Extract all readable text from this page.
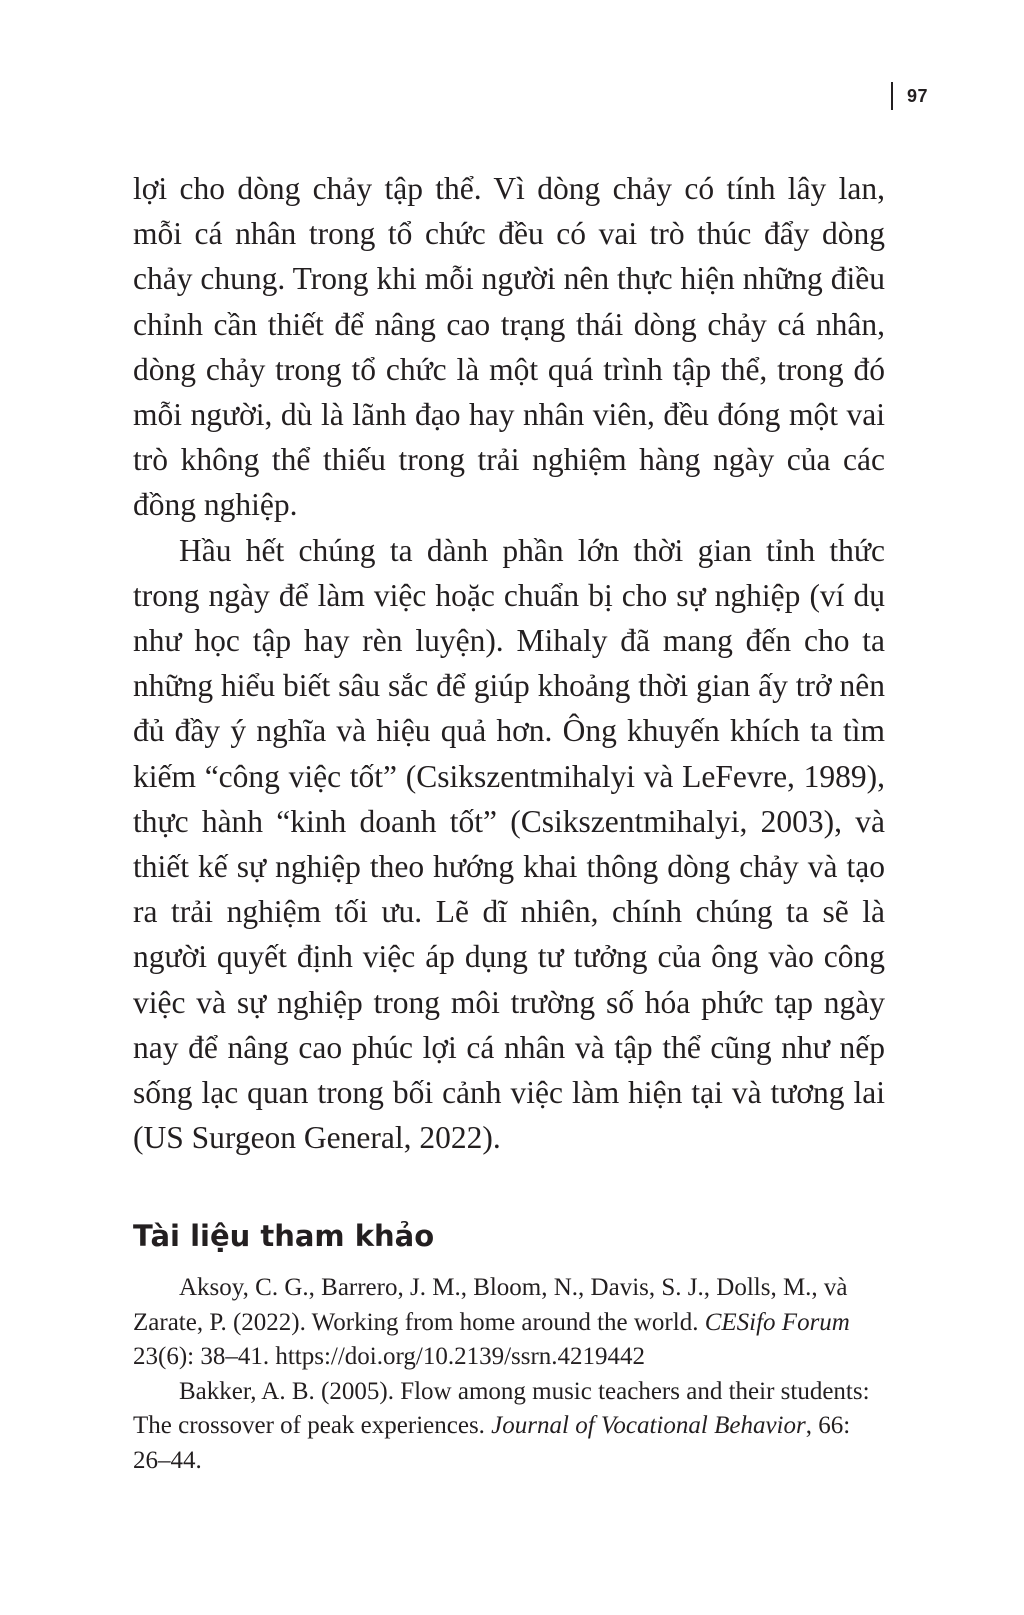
97

lợi cho dòng chảy tập thể. Vì dòng chảy có tính lây lan, mỗi cá nhân trong tổ chức đều có vai trò thúc đẩy dòng chảy chung. Trong khi mỗi người nên thực hiện những điều chỉnh cần thiết để nâng cao trạng thái dòng chảy cá nhân, dòng chảy trong tổ chức là một quá trình tập thể, trong đó mỗi người, dù là lãnh đạo hay nhân viên, đều đóng một vai trò không thể thiếu trong trải nghiệm hàng ngày của các đồng nghiệp.

Hầu hết chúng ta dành phần lớn thời gian tỉnh thức trong ngày để làm việc hoặc chuẩn bị cho sự nghiệp (ví dụ như học tập hay rèn luyện). Mihaly đã mang đến cho ta những hiểu biết sâu sắc để giúp khoảng thời gian ấy trở nên đủ đầy ý nghĩa và hiệu quả hơn. Ông khuyến khích ta tìm kiếm “công việc tốt” (Csikszentmihalyi và LeFevre, 1989), thực hành “kinh doanh tốt” (Csikszentmihalyi, 2003), và thiết kế sự nghiệp theo hướng khai thông dòng chảy và tạo ra trải nghiệm tối ưu. Lẽ dĩ nhiên, chính chúng ta sẽ là người quyết định việc áp dụng tư tưởng của ông vào công việc và sự nghiệp trong môi trường số hóa phức tạp ngày nay để nâng cao phúc lợi cá nhân và tập thể cũng như nếp sống lạc quan trong bối cảnh việc làm hiện tại và tương lai (US Surgeon General, 2022).

Tài liệu tham khảo

Aksoy, C. G., Barrero, J. M., Bloom, N., Davis, S. J., Dolls, M., và Zarate, P. (2022). Working from home around the world. CESifo Forum 23(6): 38–41. https://doi.org/10.2139/ssrn.4219442

Bakker, A. B. (2005). Flow among music teachers and their students: The crossover of peak experiences. Journal of Vocational Behavior, 66: 26–44.
